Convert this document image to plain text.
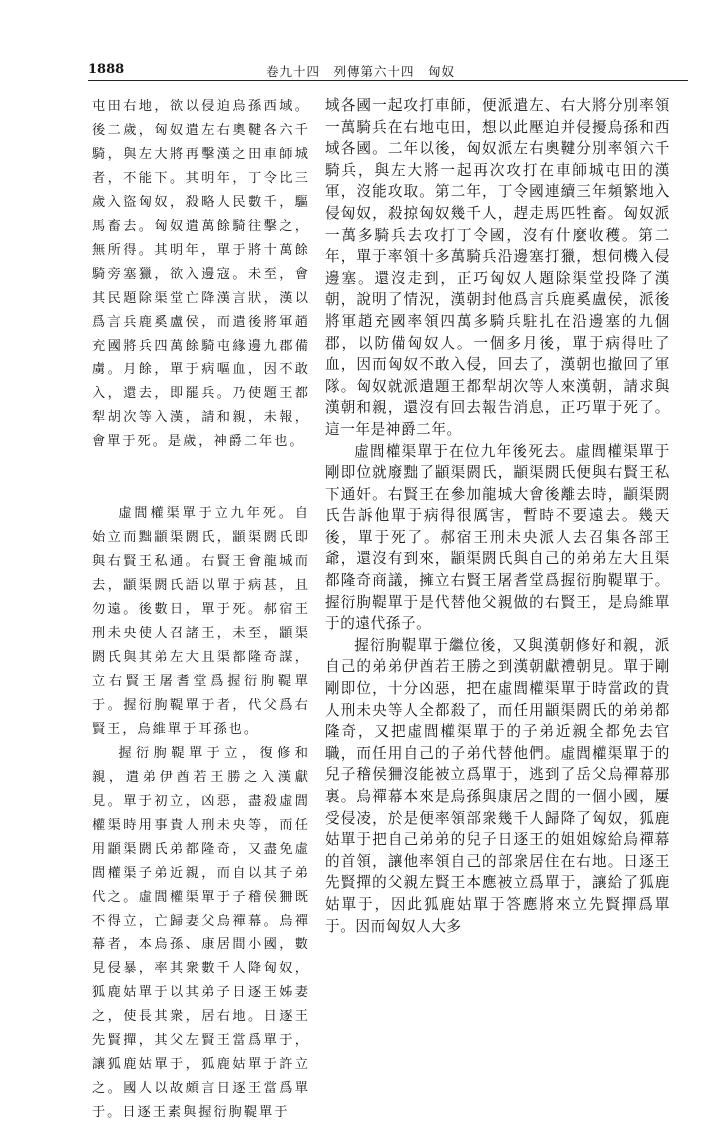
1888	卷九十四　列傳第六十四　匈奴

屯田右地，欲以侵迫烏孫西域。後二歲，匈奴遣左右奧鞬各六千騎，與左大將再擊漢之田車師城者，不能下。其明年，丁令比三歲入盜匈奴，殺略人民數千，驅馬畜去。匈奴遣萬餘騎往擊之，無所得。其明年，單于將十萬餘騎旁塞獵，欲入邊寇。未至，會其民題除渠堂亡降漢言狀，漢以爲言兵鹿奚盧侯，而遣後將軍趙充國將兵四萬餘騎屯緣邊九郡備虜。月餘，單于病嘔血，因不敢入，還去，即罷兵。乃使題王都犁胡次等入漢，請和親，未報，會單于死。是歲，神爵二年也。

虛閭權渠單于立九年死。自始立而黜顓渠閼氏，顓渠閼氏即與右賢王私通。右賢王會龍城而去，顓渠閼氏語以單于病甚，且勿遠。後數日，單于死。郝宿王刑未央使人召諸王，未至，顓渠閼氏與其弟左大且渠都隆奇謀，立右賢王屠耆堂爲握衍朐鞮單于。握衍朐鞮單于者，代父爲右賢王，烏維單于耳孫也。

握衍朐鞮單于立，復修和親，遣弟伊酋若王勝之入漢獻見。單于初立，凶惡，盡殺虛閭權渠時用事貴人刑未央等，而任用顓渠閼氏弟都隆奇，又盡免虛閭權渠子弟近親，而自以其子弟代之。虛閭權渠單于子稽侯狦既不得立，亡歸妻父烏禪幕。烏禪幕者，本烏孫、康居間小國，數見侵暴，率其衆數千人降匈奴，狐鹿姑單于以其弟子日逐王姊妻之，使長其衆，居右地。日逐王先賢撣，其父左賢王當爲單于，讓狐鹿姑單于，狐鹿姑單于許立之。國人以故頗言日逐王當爲單于。日逐王素與握衍朐鞮單于

域各國一起攻打車師，便派遣左、右大將分別率領一萬騎兵在右地屯田，想以此壓迫并侵擾烏孫和西域各國。二年以後，匈奴派左右奧鞬分別率領六千騎兵，與左大將一起再次攻打在車師城屯田的漢軍，沒能攻取。第二年，丁令國連續三年頻繁地入侵匈奴，殺掠匈奴幾千人，趕走馬匹牲畜。匈奴派一萬多騎兵去攻打丁令國，沒有什麼收穫。第二年，單于率領十多萬騎兵沿邊塞打獵，想伺機入侵邊塞。還沒走到，正巧匈奴人題除渠堂投降了漢朝，說明了情況，漢朝封他爲言兵鹿奚盧侯，派後將軍趙充國率領四萬多騎兵駐扎在沿邊塞的九個郡，以防備匈奴人。一個多月後，單于病得吐了血，因而匈奴不敢入侵，回去了，漢朝也撤回了軍隊。匈奴就派遣題王都犁胡次等人來漢朝，請求與漢朝和親，還沒有回去報告消息，正巧單于死了。這一年是神爵二年。

虛閭權渠單于在位九年後死去。虛閭權渠單于剛即位就廢黜了顓渠閼氏，顓渠閼氏便與右賢王私下通奸。右賢王在參加龍城大會後離去時，顓渠閼氏告訴他單于病得很厲害，暫時不要遠去。幾天後，單于死了。郝宿王刑未央派人去召集各部王爺，還沒有到來，顓渠閼氏與自己的弟弟左大且渠都隆奇商議，擁立右賢王屠耆堂爲握衍朐鞮單于。握衍朐鞮單于是代替他父親做的右賢王，是烏維單于的遠代孫子。

握衍朐鞮單于繼位後，又與漢朝修好和親，派自己的弟弟伊酋若王勝之到漢朝獻禮朝見。單于剛剛即位，十分凶惡，把在虛閭權渠單于時當政的貴人刑未央等人全都殺了，而任用顓渠閼氏的弟弟都隆奇，又把虛閭權渠單于的子弟近親全都免去官職，而任用自己的子弟代替他們。虛閭權渠單于的兒子稽侯狦沒能被立爲單于，逃到了岳父烏禪幕那裏。烏禪幕本來是烏孫與康居之間的一個小國，屢受侵凌，於是便率領部衆幾千人歸降了匈奴，狐鹿姑單于把自己弟弟的兒子日逐王的姐姐嫁給烏禪幕的首領，讓他率領自己的部衆居住在右地。日逐王先賢撣的父親左賢王本應被立爲單于，讓給了狐鹿姑單于，因此狐鹿姑單于答應將來立先賢撣爲單于。因而匈奴人大多
